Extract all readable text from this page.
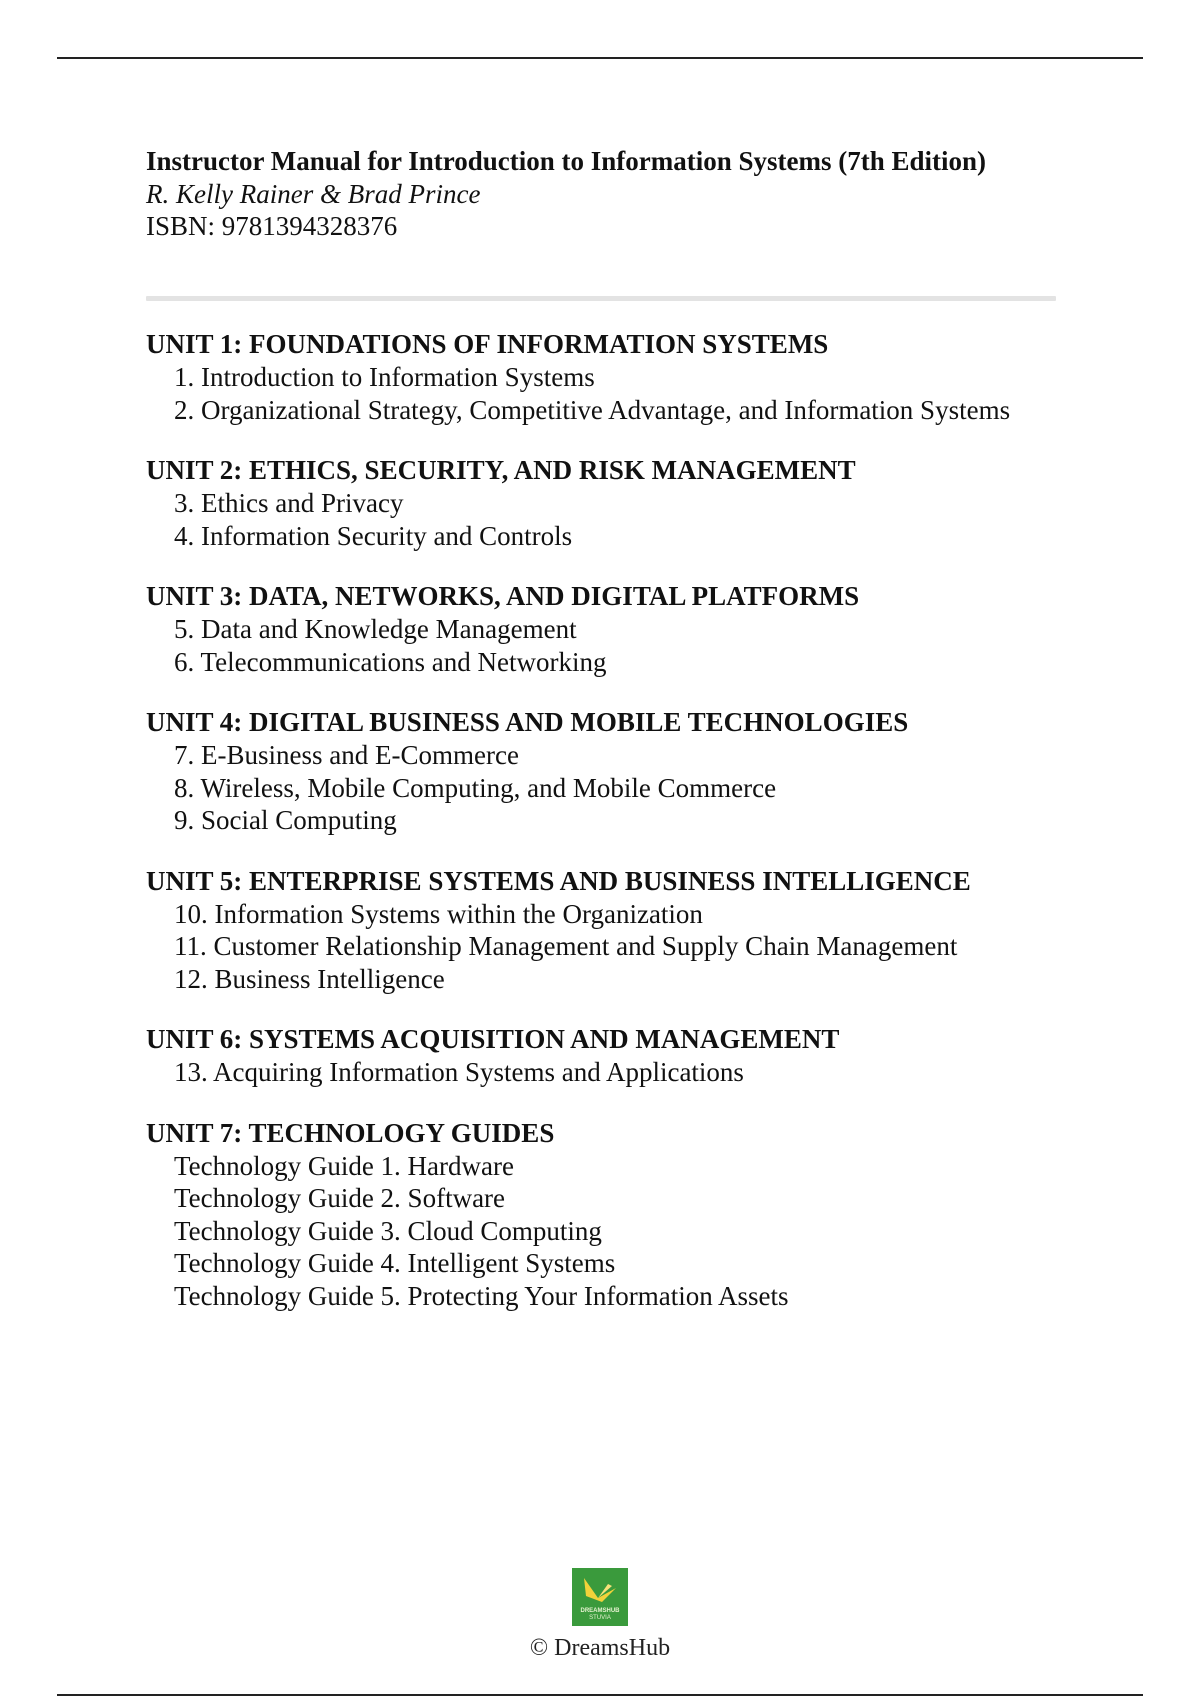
Instructor Manual for Introduction to Information Systems (7th Edition)

R. Kelly Rainer & Brad Prince

ISBN: 9781394328376

UNIT 1: FOUNDATIONS OF INFORMATION SYSTEMS

1. Introduction to Information Systems
2. Organizational Strategy, Competitive Advantage, and Information Systems

UNIT 2: ETHICS, SECURITY, AND RISK MANAGEMENT

3. Ethics and Privacy
4. Information Security and Controls

UNIT 3: DATA, NETWORKS, AND DIGITAL PLATFORMS

5. Data and Knowledge Management
6. Telecommunications and Networking

UNIT 4: DIGITAL BUSINESS AND MOBILE TECHNOLOGIES

7. E-Business and E-Commerce
8. Wireless, Mobile Computing, and Mobile Commerce
9. Social Computing

UNIT 5: ENTERPRISE SYSTEMS AND BUSINESS INTELLIGENCE

10. Information Systems within the Organization
11. Customer Relationship Management and Supply Chain Management
12. Business Intelligence

UNIT 6: SYSTEMS ACQUISITION AND MANAGEMENT

13. Acquiring Information Systems and Applications

UNIT 7: TECHNOLOGY GUIDES

Technology Guide 1. Hardware
Technology Guide 2. Software
Technology Guide 3. Cloud Computing
Technology Guide 4. Intelligent Systems
Technology Guide 5. Protecting Your Information Assets
DREAMSHUB
STUVIA
© DreamsHub
